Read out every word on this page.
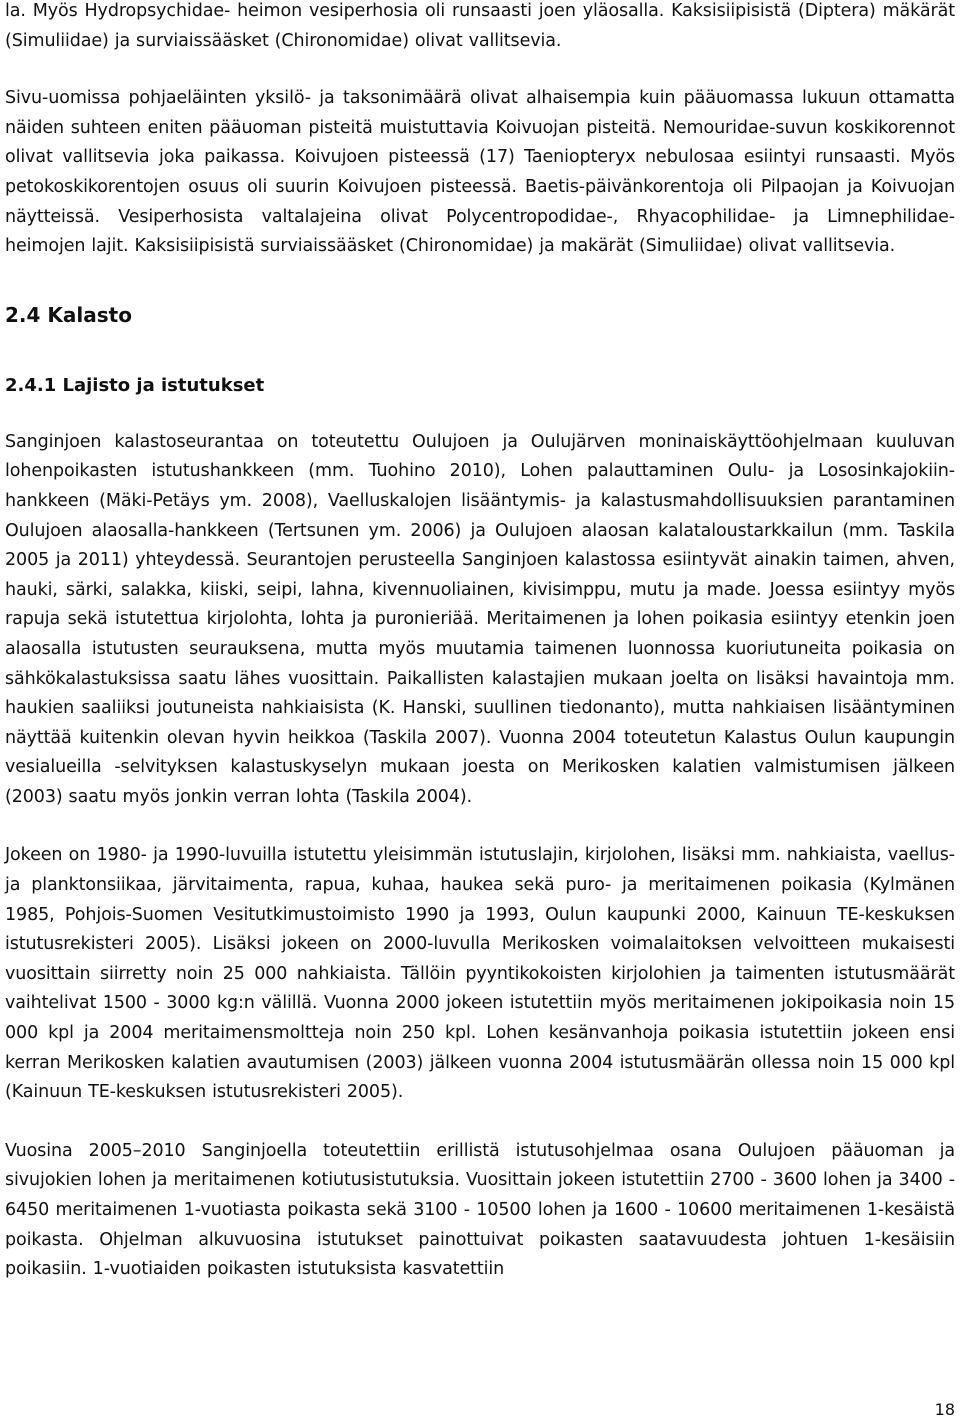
la. Myös Hydropsychidae- heimon vesiperhosia oli runsaasti joen yläosalla. Kaksisiipisistä (Diptera) mäkärät (Simuliidae) ja surviaissääsket (Chironomidae) olivat vallitsevia.

Sivu-uomissa pohjaeläinten yksilö- ja taksonimäärä olivat alhaisempia kuin pääuomassa lukuun ottamatta näiden suhteen eniten pääuoman pisteitä muistuttavia Koivuojan pisteitä. Nemouridae-suvun koskikorennot olivat vallitsevia joka paikassa. Koivujoen pisteessä (17) Taeniopteryx nebulosaa esiintyi runsaasti. Myös petokoskikorentojen osuus oli suurin Koivujoen pisteessä. Baetis-päivänkorentoja oli Pilpaojan ja Koivuojan näytteissä. Vesiperhosista valtalajeina olivat Polycentropodidae-, Rhyacophilidae- ja Limnephilidae- heimojen lajit. Kaksisiipisistä surviaissääsket (Chironomidae) ja makärät (Simuliidae) olivat vallitsevia.

2.4 Kalasto
2.4.1 Lajisto ja istutukset

Sanginjoen kalastoseurantaa on toteutettu Oulujoen ja Oulujärven moninaiskäyttöohjelmaan kuuluvan lohenpoikasten istutushankkeen (mm. Tuohino 2010), Lohen palauttaminen Oulu- ja Lososinkajokiin-hankkeen (Mäki-Petäys ym. 2008), Vaelluskalojen lisääntymis- ja kalastusmahdollisuuksien parantaminen Oulujoen alaosalla-hankkeen (Tertsunen ym. 2006) ja Oulujoen alaosan kalataloustarkkailun (mm. Taskila 2005 ja 2011) yhteydessä. Seurantojen perusteella Sanginjoen kalastossa esiintyvät ainakin taimen, ahven, hauki, särki, salakka, kiiski, seipi, lahna, kivennuoliainen, kivisimppu, mutu ja made. Joessa esiintyy myös rapuja sekä istutettua kirjolohta, lohta ja puronieriää. Meritaimenen ja lohen poikasia esiintyy etenkin joen alaosalla istutusten seurauksena, mutta myös muutamia taimenen luonnossa kuoriutuneita poikasia on sähkökalastuksissa saatu lähes vuosittain. Paikallisten kalastajien mukaan joelta on lisäksi havaintoja mm. haukien saaliiksi joutuneista nahkiaisista (K. Hanski, suullinen tiedonanto), mutta nahkiaisen lisääntyminen näyttää kuitenkin olevan hyvin heikkoa (Taskila 2007). Vuonna 2004 toteutetun Kalastus Oulun kaupungin vesialueilla -selvityksen kalastuskyselyn mukaan joesta on Merikosken kalatien valmistumisen jälkeen (2003) saatu myös jonkin verran lohta (Taskila 2004).

Jokeen on 1980- ja 1990-luvuilla istutettu yleisimmän istutuslajin, kirjolohen, lisäksi mm. nahkiaista, vaellus- ja planktonsiikaa, järvitaimenta, rapua, kuhaa, haukea sekä puro- ja meritaimenen poikasia (Kylmänen 1985, Pohjois-Suomen Vesitutkimustoimisto 1990 ja 1993, Oulun kaupunki 2000, Kainuun TE-keskuksen istutusrekisteri 2005). Lisäksi jokeen on 2000-luvulla Merikosken voimalaitoksen velvoitteen mukaisesti vuosittain siirretty noin 25 000 nahkiaista. Tällöin pyyntikokoisten kirjolohien ja taimenten istutusmäärät vaihtelivat 1500 - 3000 kg:n välillä. Vuonna 2000 jokeen istutettiin myös meritaimenen jokipoikasia noin 15 000 kpl ja 2004 meritaimensmoltteja noin 250 kpl. Lohen kesänvanhoja poikasia istutettiin jokeen ensi kerran Merikosken kalatien avautumisen (2003) jälkeen vuonna 2004 istutusmäärän ollessa noin 15 000 kpl (Kainuun TE-keskuksen istutusrekisteri 2005).

Vuosina 2005–2010 Sanginjoella toteutettiin erillistä istutusohjelmaa osana Oulujoen pääuoman ja sivujokien lohen ja meritaimenen kotiutusistutuksia. Vuosittain jokeen istutettiin 2700 - 3600 lohen ja 3400 - 6450 meritaimenen 1-vuotiasta poikasta sekä 3100 - 10500 lohen ja 1600 - 10600 meritaimenen 1-kesäistä poikasta. Ohjelman alkuvuosina istutukset painottuivat poikasten saatavuudesta johtuen 1-kesäisiin poikasiin. 1-vuotiaiden poikasten istutuksista kasvatettiin

18
